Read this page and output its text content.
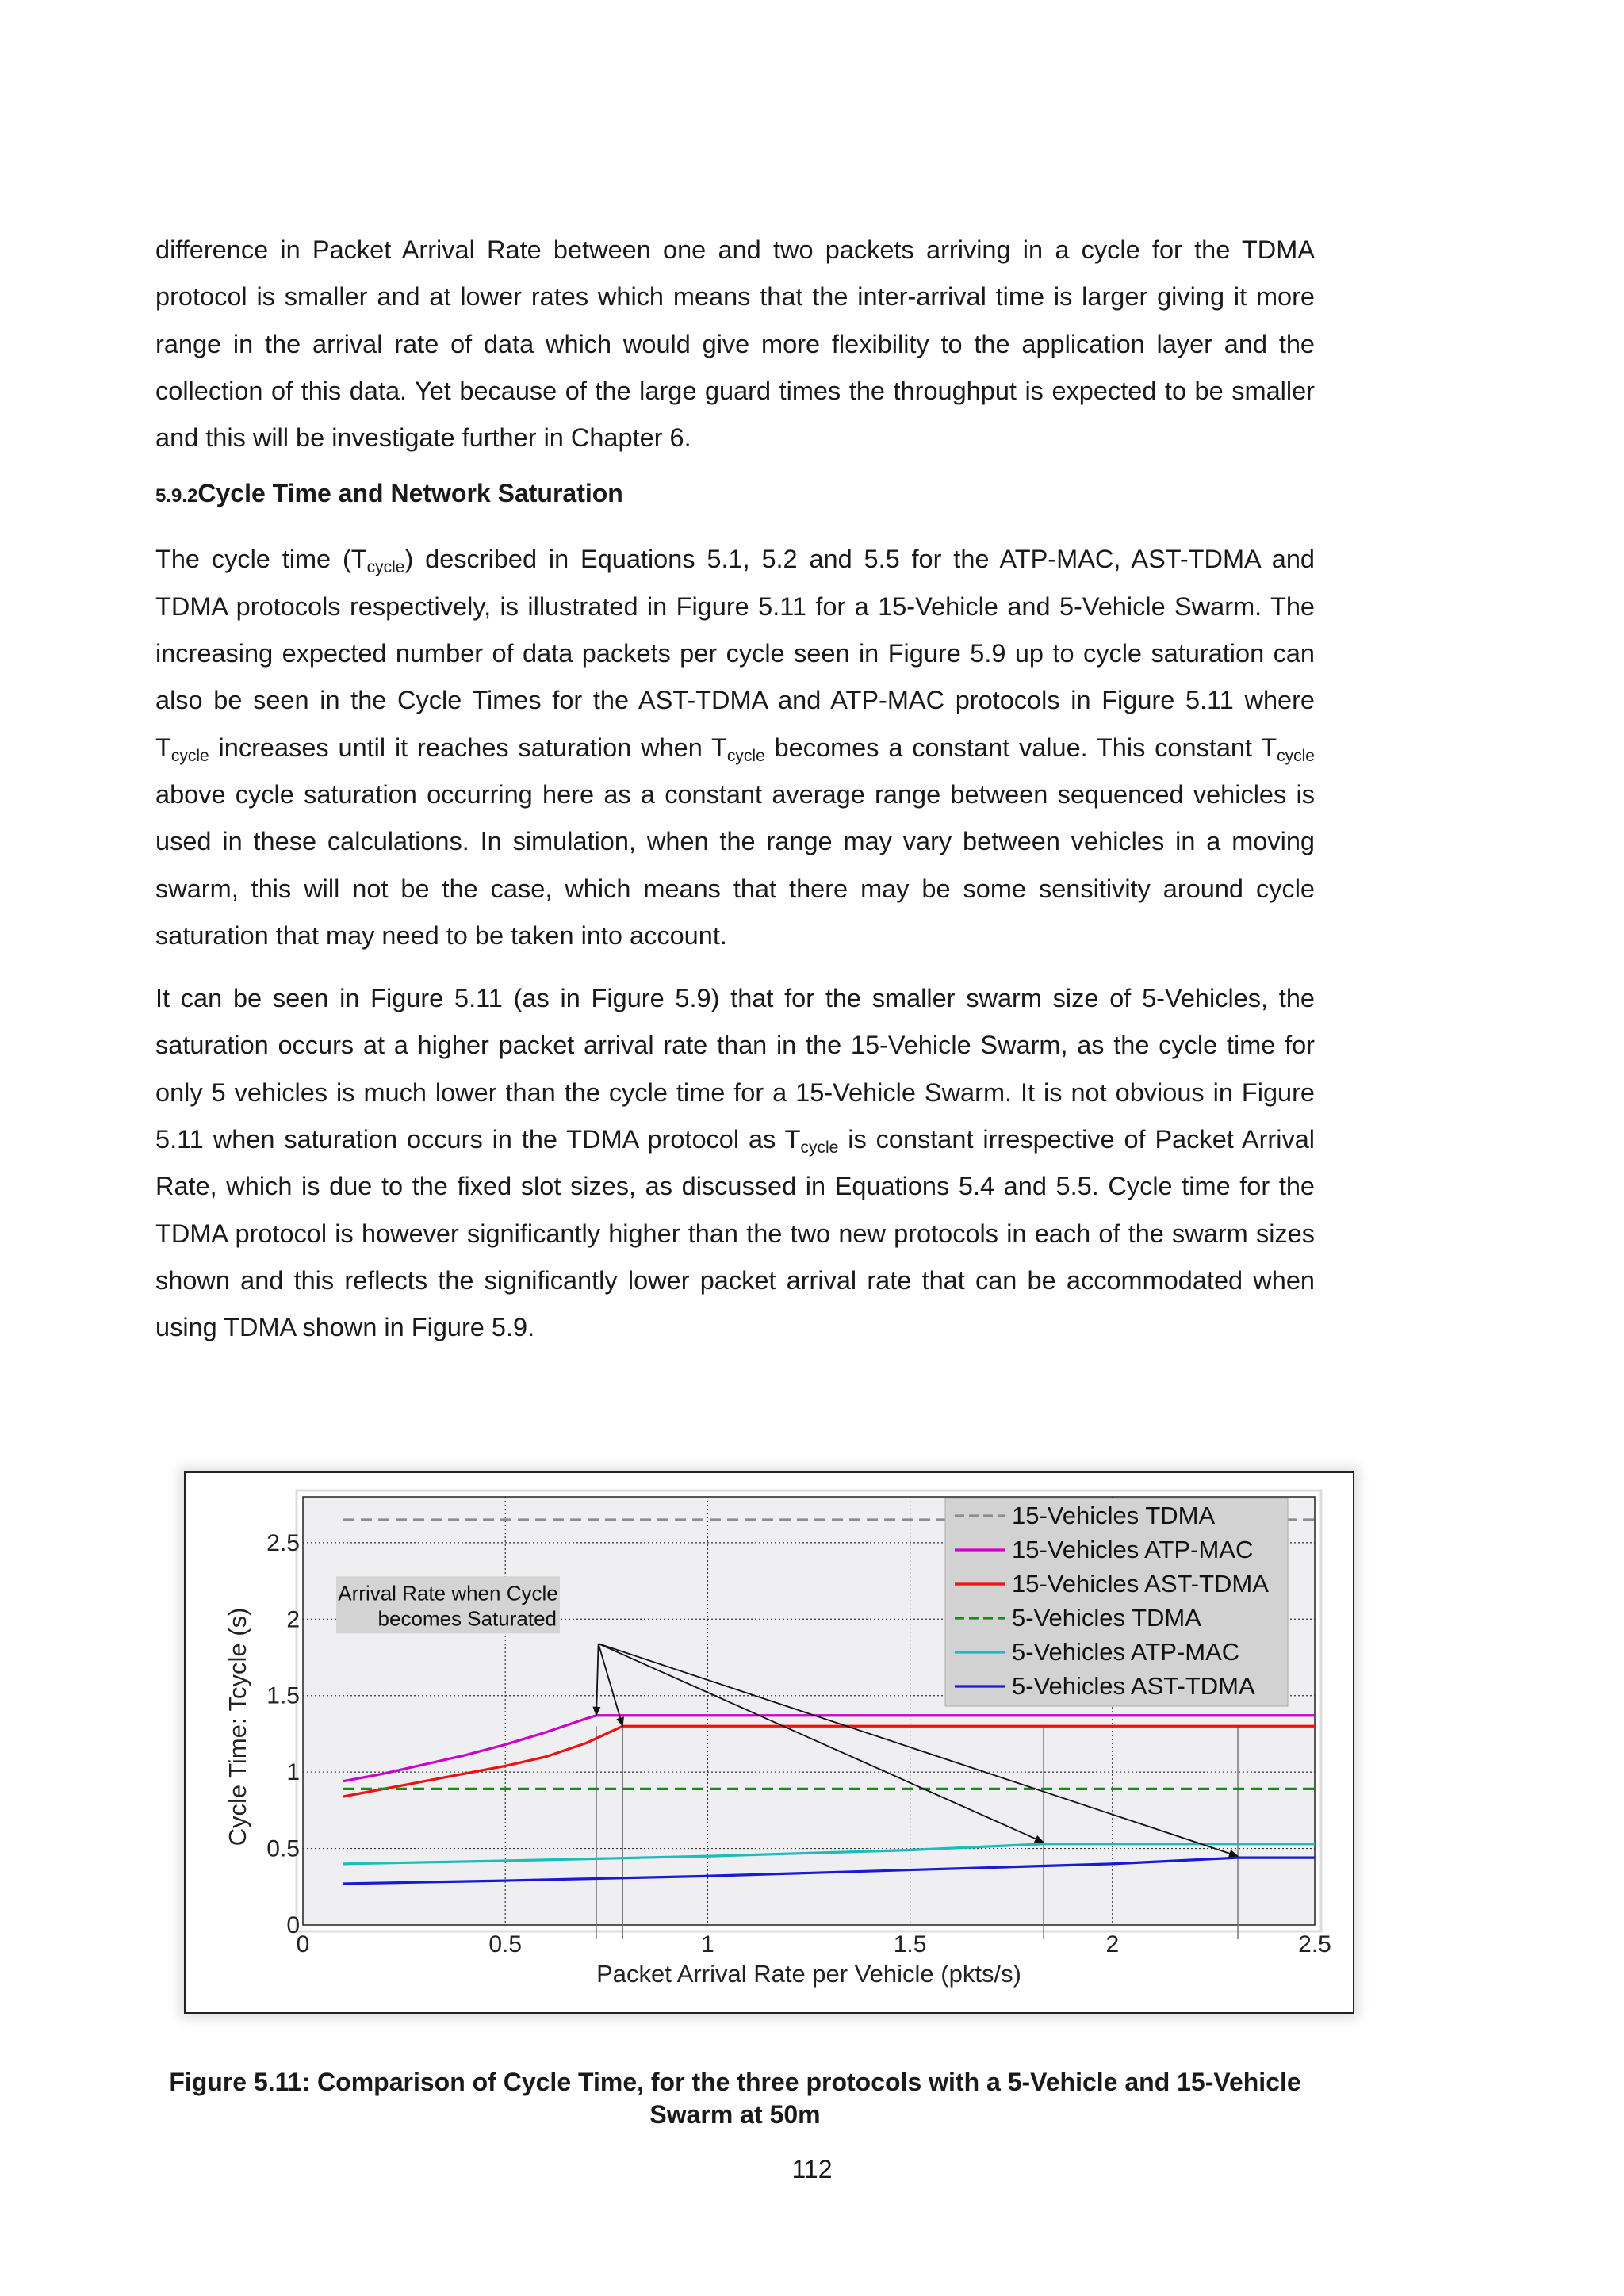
difference in Packet Arrival Rate between one and two packets arriving in a cycle for the TDMA protocol is smaller and at lower rates which means that the inter-arrival time is larger giving it more range in the arrival rate of data which would give more flexibility to the application layer and the collection of this data. Yet because of the large guard times the throughput is expected to be smaller and this will be investigate further in Chapter 6.

5.9.2Cycle Time and Network Saturation

The cycle time $(T_{cycle})$ described in Equations 5.1, 5.2 and 5.5 for the ATP-MAC, AST-TDMA and TDMA protocols respectively, is illustrated in Figure 5.11 for a 15-Vehicle and 5-Vehicle Swarm. The increasing expected number of data packets per cycle seen in Figure 5.9 up to cycle saturation can also be seen in the Cycle Times for the AST-TDMA and ATP-MAC protocols in Figure 5.11 where $T_{cycle}$ increases until it reaches saturation when $T_{cycle}$ becomes a constant value. This constant $T_{cycle}$ above cycle saturation occurring here as a constant average range between sequenced vehicles is used in these calculations. In simulation, when the range may vary between vehicles in a moving swarm, this will not be the case, which means that there may be some sensitivity around cycle saturation that may need to be taken into account.

It can be seen in Figure 5.11 (as in Figure 5.9) that for the smaller swarm size of 5-Vehicles, the saturation occurs at a higher packet arrival rate than in the 15-Vehicle Swarm, as the cycle time for only 5 vehicles is much lower than the cycle time for a 15-Vehicle Swarm. It is not obvious in Figure 5.11 when saturation occurs in the TDMA protocol as $T_{cycle}$ is constant irrespective of Packet Arrival Rate, which is due to the fixed slot sizes, as discussed in Equations 5.4 and 5.5. Cycle time for the TDMA protocol is however significantly higher than the two new protocols in each of the swarm sizes shown and this reflects the significantly lower packet arrival rate that can be accommodated when using TDMA shown in Figure 5.9.

0	0.5	1	1.5	2	2.5
0
0.5
1
1.5
2
2.5
Packet Arrival Rate per Vehicle (pkts/s)
Cycle Time: Tcycle (s)
Arrival Rate when Cycle
becomes Saturated
15-Vehicles TDMA
15-Vehicles ATP-MAC
15-Vehicles AST-TDMA
5-Vehicles TDMA
5-Vehicles ATP-MAC
5-Vehicles AST-TDMA
Figure 5.11: Comparison of Cycle Time, for the three protocols with a 5-Vehicle and 15-Vehicle Swarm at 50m
112
